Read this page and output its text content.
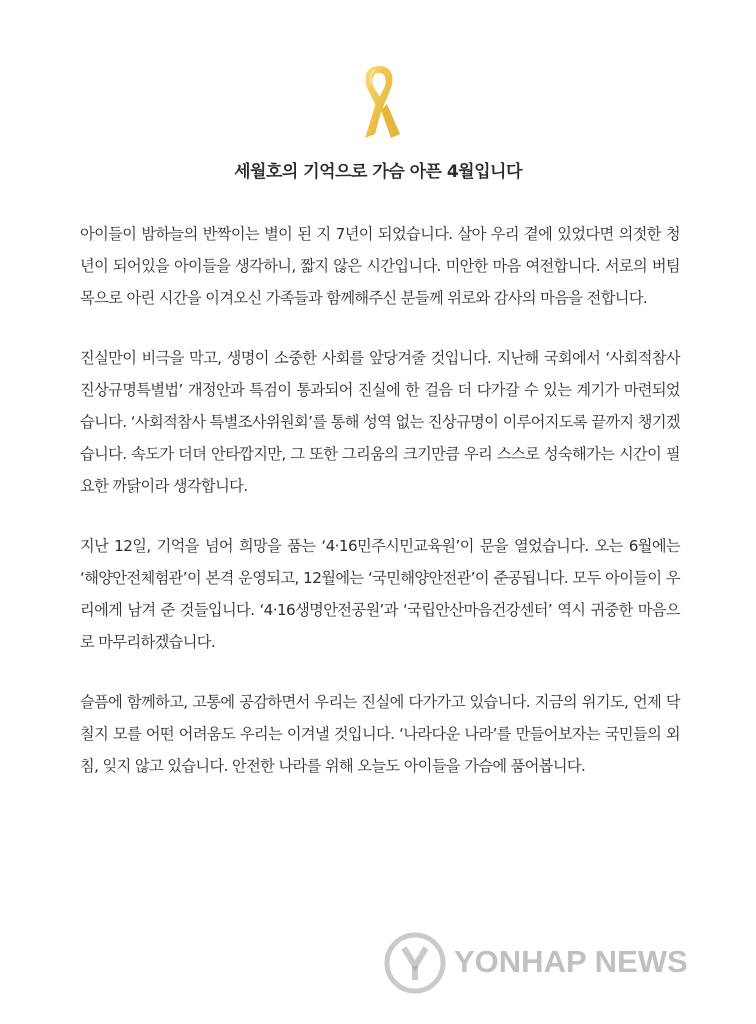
세월호의 기억으로 가슴 아픈 4월입니다

아이들이 밤하늘의 반짝이는 별이 된 지 7년이 되었습니다. 살아 우리 곁에 있었다면 의젓한 청년이 되어있을 아이들을 생각하니, 짧지 않은 시간입니다. 미안한 마음 여전합니다. 서로의 버팀목으로 아린 시간을 이겨오신 가족들과 함께해주신 분들께 위로와 감사의 마음을 전합니다.

진실만이 비극을 막고, 생명이 소중한 사회를 앞당겨줄 것입니다. 지난해 국회에서 ‘사회적참사 진상규명특별법’ 개정안과 특검이 통과되어 진실에 한 걸음 더 다가갈 수 있는 계기가 마련되었습니다. ‘사회적참사 특별조사위원회’를 통해 성역 없는 진상규명이 이루어지도록 끝까지 챙기겠습니다. 속도가 더뎌 안타깝지만, 그 또한 그리움의 크기만큼 우리 스스로 성숙해가는 시간이 필요한 까닭이라 생각합니다.

지난 12일, 기억을 넘어 희망을 품는 ‘4·16민주시민교육원’이 문을 열었습니다. 오는 6월에는 ‘해양안전체험관’이 본격 운영되고, 12월에는 ‘국민해양안전관’이 준공됩니다. 모두 아이들이 우리에게 남겨 준 것들입니다. ‘4·16생명안전공원’과 ‘국립안산마음건강센터’ 역시 귀중한 마음으로 마무리하겠습니다.

슬픔에 함께하고, 고통에 공감하면서 우리는 진실에 다가가고 있습니다. 지금의 위기도, 언제 닥칠지 모를 어떤 어려움도 우리는 이겨낼 것입니다. ‘나라다운 나라’를 만들어보자는 국민들의 외침, 잊지 않고 있습니다. 안전한 나라를 위해 오늘도 아이들을 가슴에 품어봅니다.

YONHAP NEWS
